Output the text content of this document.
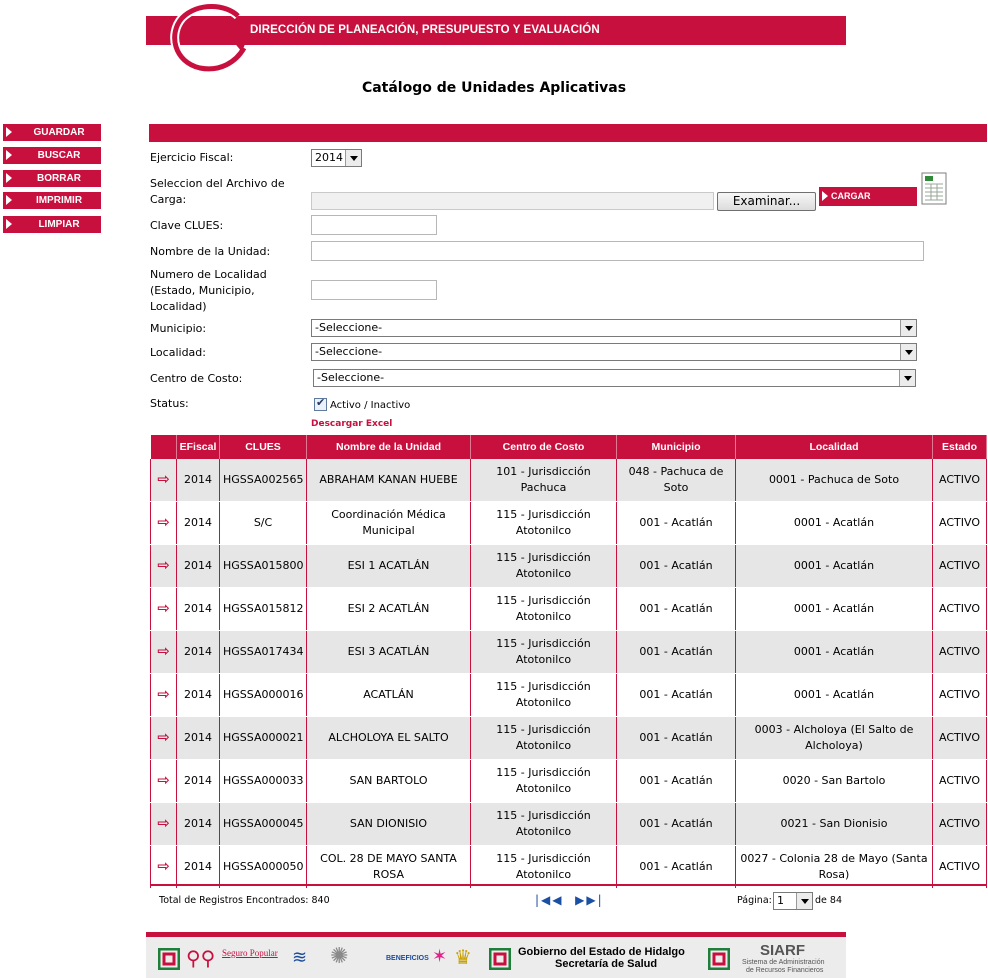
DIRECCIÓN DE PLANEACIÓN, PRESUPUESTO Y EVALUACIÓN
Catálogo de Unidades Aplicativas
GUARDAR
BUSCAR
BORRAR
IMPRIMIR
LIMPIAR
Ejercicio Fiscal:	2014
Seleccion del Archivo de
Carga:	Examinar...	CARGAR CATALOGO
Clave CLUES:
Nombre de la Unidad:
Numero de Localidad
(Estado, Municipio,
Localidad)
Municipio:	-Seleccione-
Localidad:	-Seleccione-
Centro de Costo:	-Seleccione-
Status: ✔	Activo / Inactivo
Descargar Excel
	EFiscal	CLUES	Nombre de la Unidad	Centro de Costo	Municipio	Localidad	Estado
⇨	2014	HGSSA002565	ABRAHAM KANAN HUEBE	101 - Jurisdicción Pachuca	048 - Pachuca de Soto	0001 - Pachuca de Soto	ACTIVO
⇨	2014	S/C	Coordinación Médica Municipal	115 - Jurisdicción Atotonilco	001 - Acatlán	0001 - Acatlán	ACTIVO
⇨	2014	HGSSA015800	ESI 1 ACATLÁN	115 - Jurisdicción Atotonilco	001 - Acatlán	0001 - Acatlán	ACTIVO
⇨	2014	HGSSA015812	ESI 2 ACATLÁN	115 - Jurisdicción Atotonilco	001 - Acatlán	0001 - Acatlán	ACTIVO
⇨	2014	HGSSA017434	ESI 3 ACATLÁN	115 - Jurisdicción Atotonilco	001 - Acatlán	0001 - Acatlán	ACTIVO
⇨	2014	HGSSA000016	ACATLÁN	115 - Jurisdicción Atotonilco	001 - Acatlán	0001 - Acatlán	ACTIVO
⇨	2014	HGSSA000021	ALCHOLOYA EL SALTO	115 - Jurisdicción Atotonilco	001 - Acatlán	0003 - Alcholoya (El Salto de Alcholoya)	ACTIVO
⇨	2014	HGSSA000033	SAN BARTOLO	115 - Jurisdicción Atotonilco	001 - Acatlán	0020 - San Bartolo	ACTIVO
⇨	2014	HGSSA000045	SAN DIONISIO	115 - Jurisdicción Atotonilco	001 - Acatlán	0021 - San Dionisio	ACTIVO
⇨	2014	HGSSA000050	COL. 28 DE MAYO SANTA ROSA	115 - Jurisdicción Atotonilco	001 - Acatlán	0027 - Colonia 28 de Mayo (Santa Rosa)	ACTIVO
Total de Registros Encontrados: 840	|◀◀ ▶▶|	Página: 1	de 84
⚲⚲ Seguro Popular ≋ ✺	BENEFICIOS ✶ ♛	Gobierno del Estado de Hidalgo
Secretaría de Salud
SIARF
Sistema de Administración
de Recursos Financieros
